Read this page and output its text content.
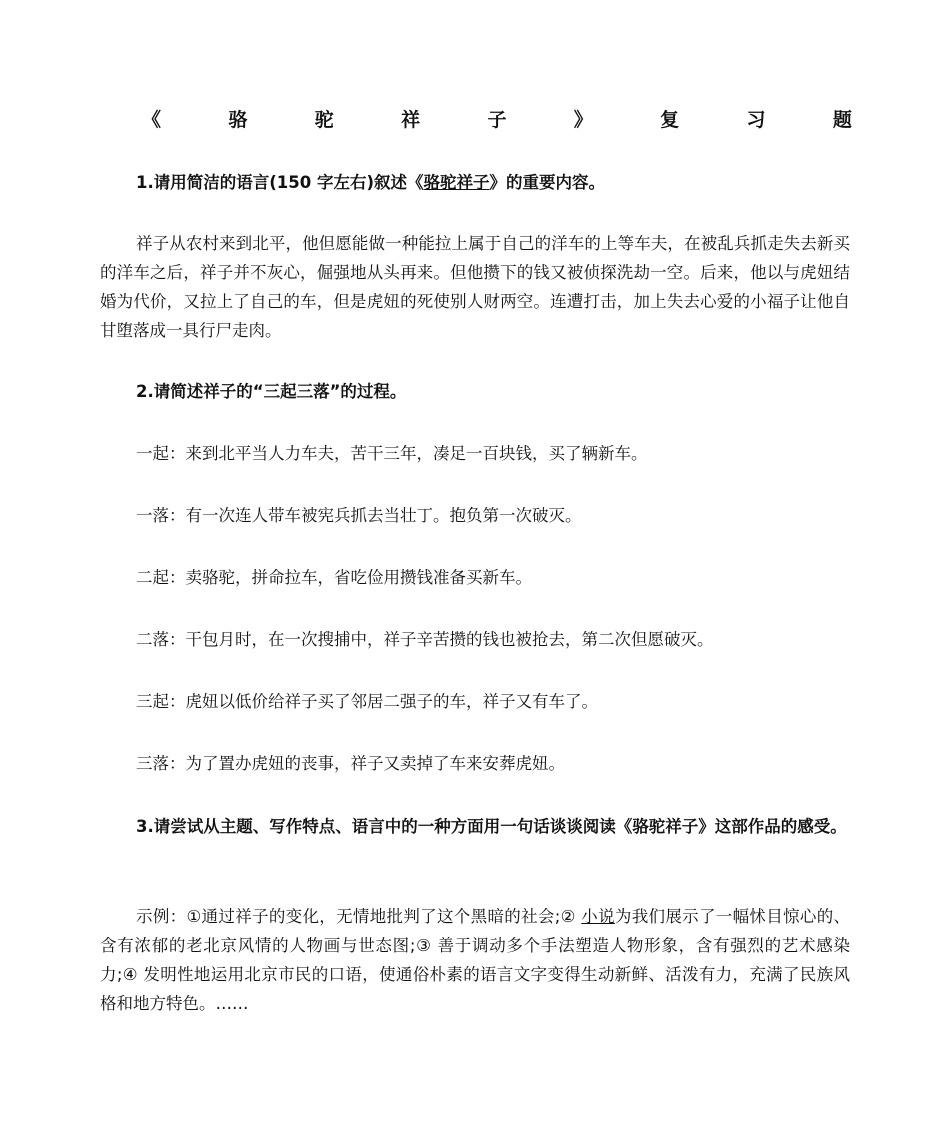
《	骆	驼	祥	子	》	复	习	题

1.请用简洁的语言(150 字左右)叙述《骆驼祥子》的重要内容。

祥子从农村来到北平，他但愿能做一种能拉上属于自己的洋车的上等车夫，在被乱兵抓走失去新买的洋车之后，祥子并不灰心，倔强地从头再来。但他攒下的钱又被侦探洗劫一空。后来，他以与虎妞结婚为代价，又拉上了自己的车，但是虎妞的死使别人财两空。连遭打击，加上失去心爱的小福子让他自甘堕落成一具行尸走肉。

2.请简述祥子的“三起三落”的过程。

一起：来到北平当人力车夫，苦干三年，凑足一百块钱，买了辆新车。

一落：有一次连人带车被宪兵抓去当壮丁。抱负第一次破灭。

二起：卖骆驼，拼命拉车，省吃俭用攒钱准备买新车。

二落：干包月时，在一次搜捕中，祥子辛苦攒的钱也被抢去，第二次但愿破灭。

三起：虎妞以低价给祥子买了邻居二强子的车，祥子又有车了。

三落：为了置办虎妞的丧事，祥子又卖掉了车来安葬虎妞。

3.请尝试从主题、写作特点、语言中的一种方面用一句话谈谈阅读《骆驼祥子》这部作品的感受。

示例：①通过祥子的变化，无情地批判了这个黑暗的社会;② 小说为我们展示了一幅怵目惊心的、含有浓郁的老北京风情的人物画与世态图;③ 善于调动多个手法塑造人物形象，含有强烈的艺术感染力;④ 发明性地运用北京市民的口语，使通俗朴素的语言文字变得生动新鲜、活泼有力，充满了民族风格和地方特色。……
